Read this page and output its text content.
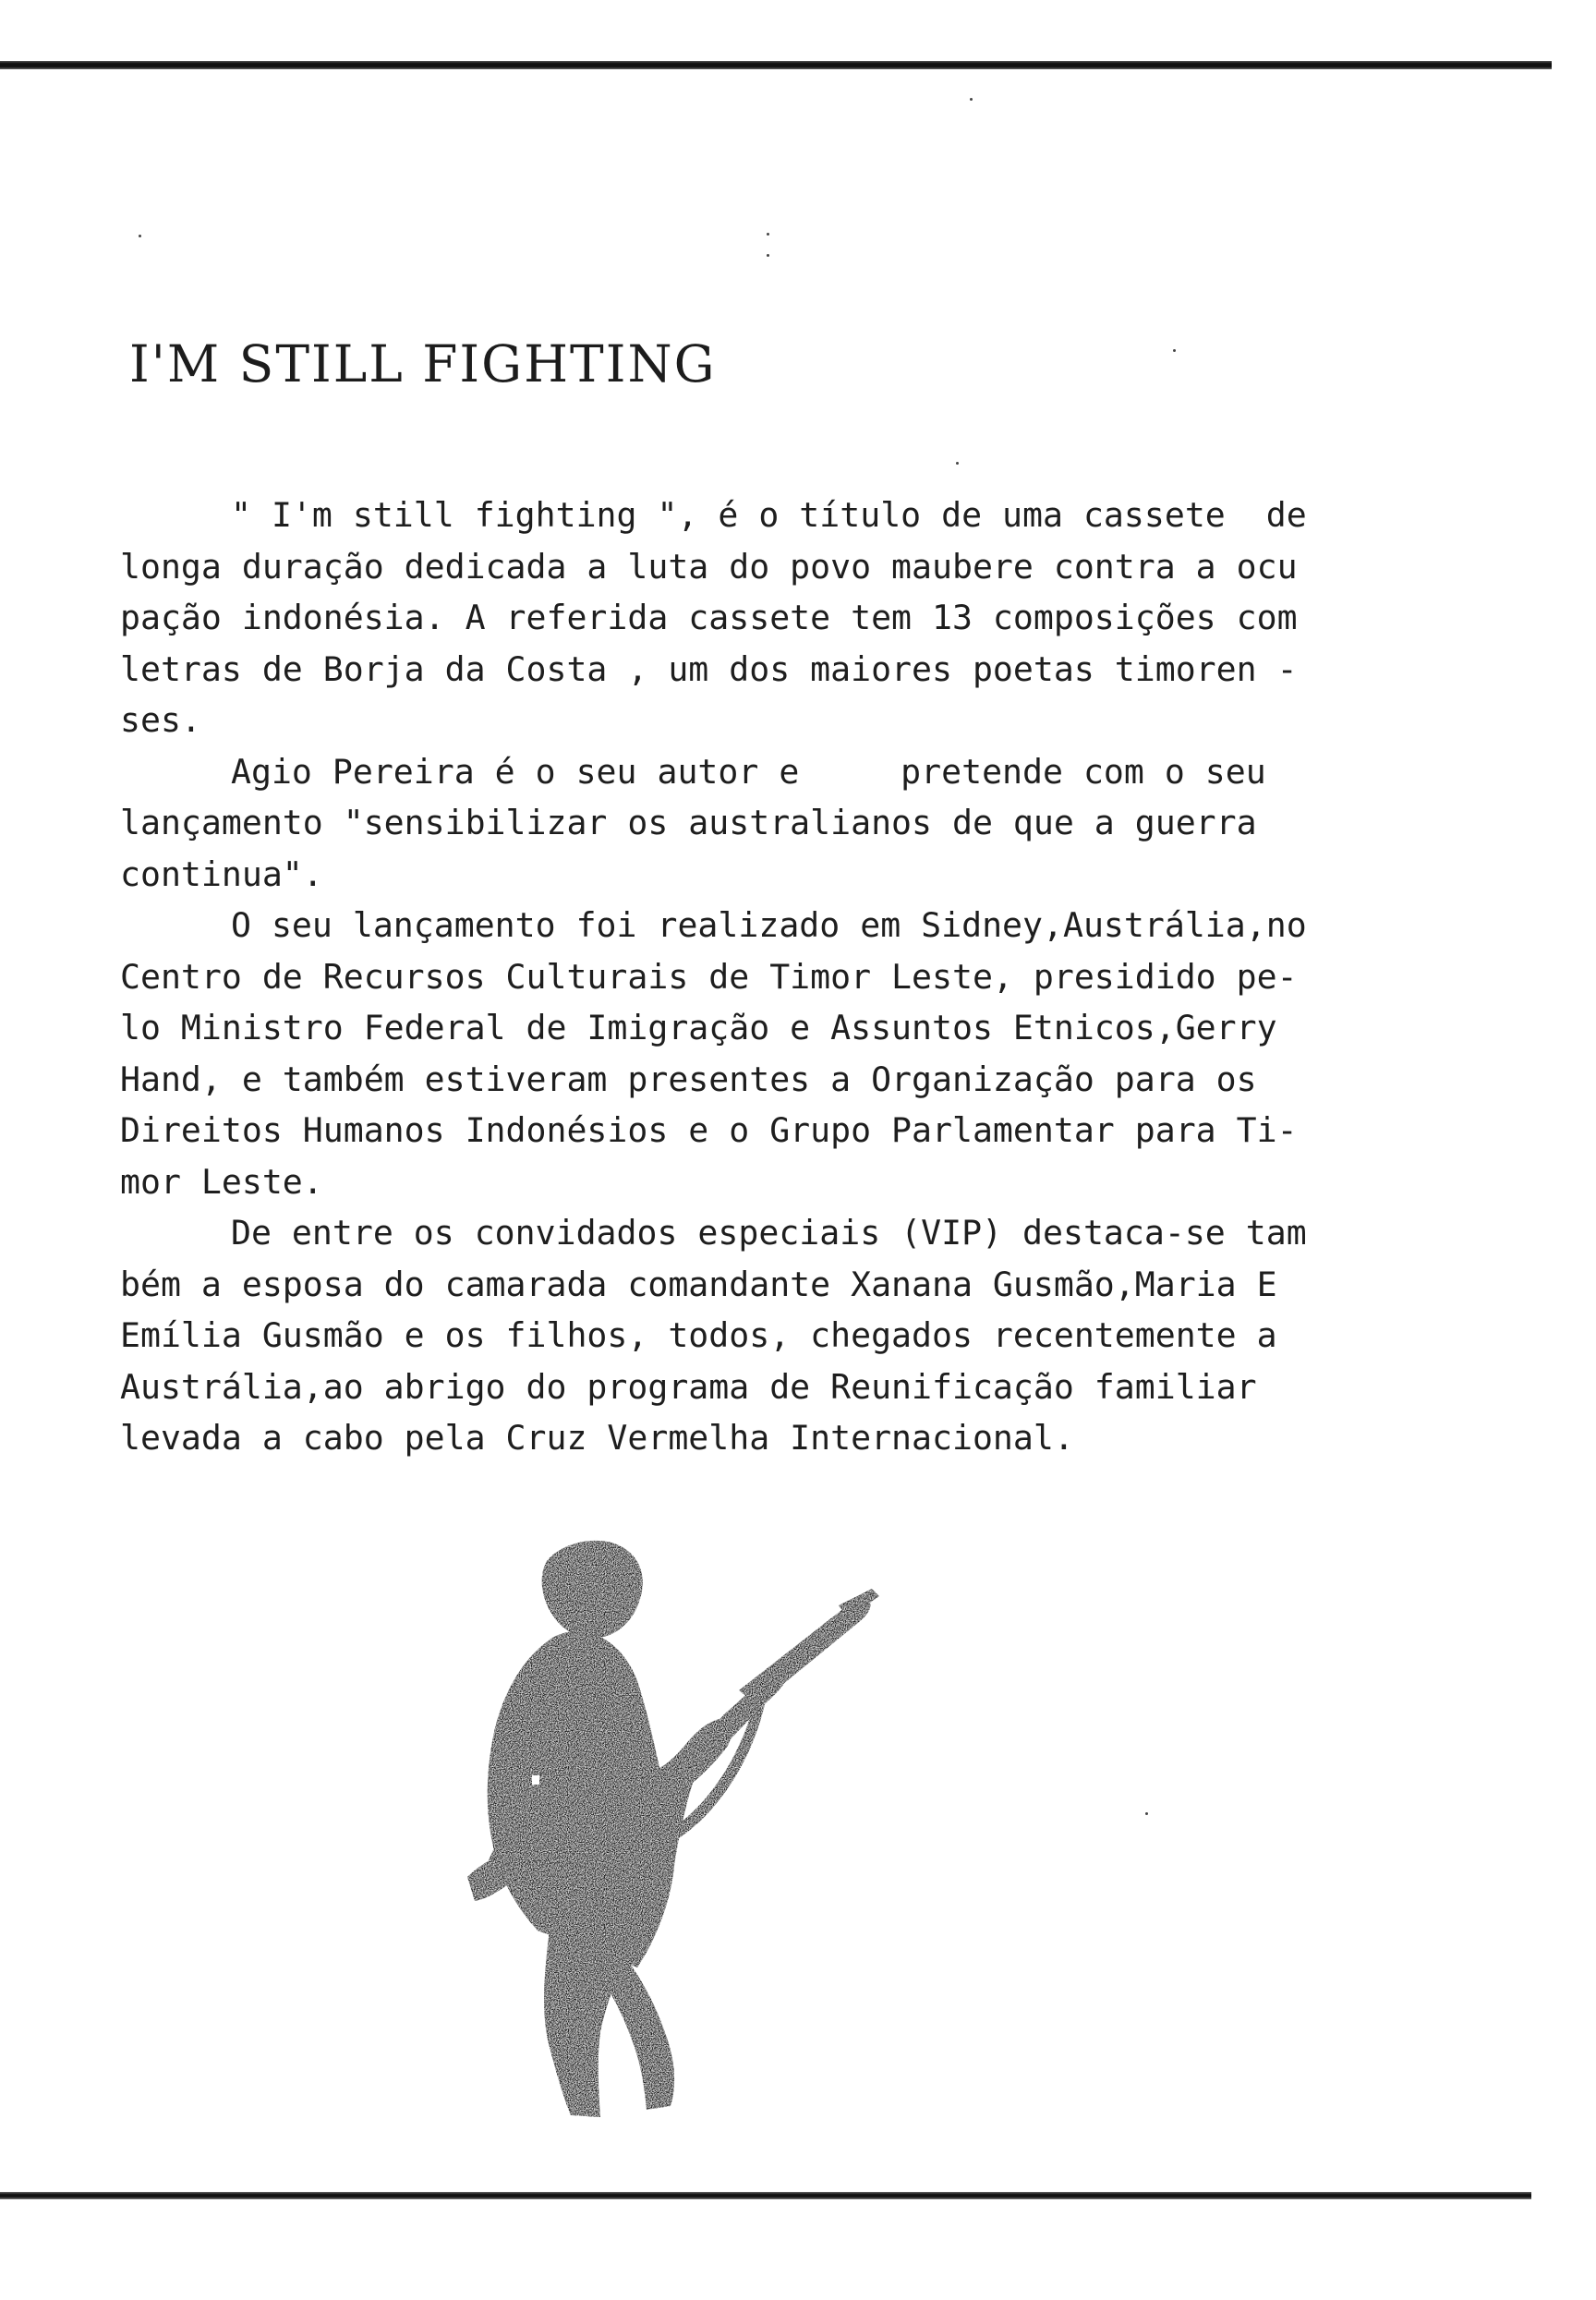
I'M STILL FIGHTING
" I'm still fighting ", é o título de uma cassete  de
longa duração dedicada a luta do povo maubere contra a ocu
pação indonésia. A referida cassete tem 13 composições com
letras de Borja da Costa , um dos maiores poetas timoren -
ses.
Agio Pereira é o seu autor e     pretende com o seu
lançamento "sensibilizar os australianos de que a guerra
continua".
O seu lançamento foi realizado em Sidney,Austrália,no
Centro de Recursos Culturais de Timor Leste, presidido pe-
lo Ministro Federal de Imigração e Assuntos Etnicos,Gerry
Hand, e também estiveram presentes a Organização para os
Direitos Humanos Indonésios e o Grupo Parlamentar para Ti-
mor Leste.
De entre os convidados especiais (VIP) destaca-se tam
bém a esposa do camarada comandante Xanana Gusmão,Maria E
Emília Gusmão e os filhos, todos, chegados recentemente a
Austrália,ao abrigo do programa de Reunificação familiar
levada a cabo pela Cruz Vermelha Internacional.
